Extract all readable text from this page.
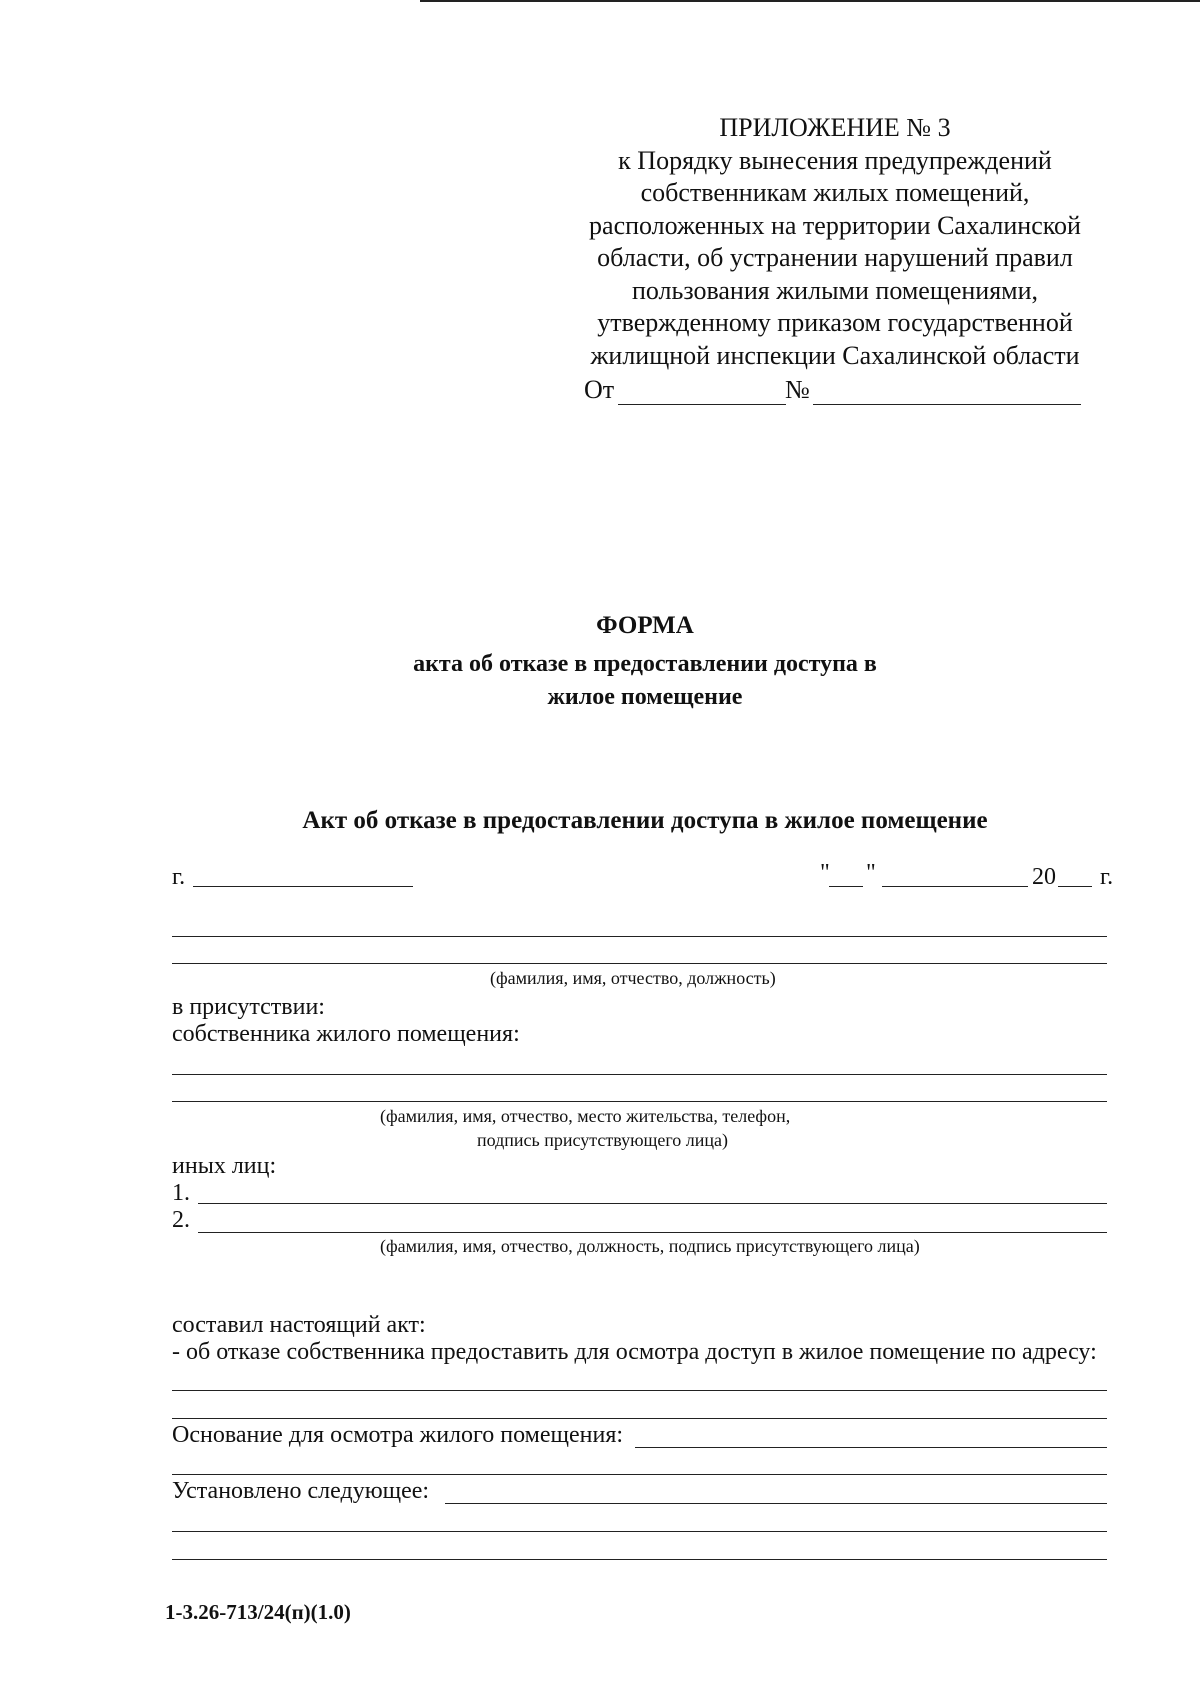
ПРИЛОЖЕНИЕ № 3
к Порядку вынесения предупреждений
собственникам жилых помещений,
расположенных на территории Сахалинской
области, об устранении нарушений правил
пользования жилыми помещениями,
утвержденному приказом государственной
жилищной инспекции Сахалинской области
От	№
ФОРМА
акта об отказе в предоставлении доступа в
жилое помещение
Акт об отказе в предоставлении доступа в жилое помещение
г.	" "	20 г.
(фамилия, имя, отчество, должность)
в присутствии:
собственника жилого помещения:
(фамилия, имя, отчество, место жительства, телефон,
подпись присутствующего лица)
иных лиц:
1.
2.
(фамилия, имя, отчество, должность, подпись присутствующего лица)
составил настоящий акт:
- об отказе собственника предоставить для осмотра доступ в жилое помещение по адресу:
Основание для осмотра жилого помещения:
Установлено следующее:
1-3.26-713/24(п)(1.0)
